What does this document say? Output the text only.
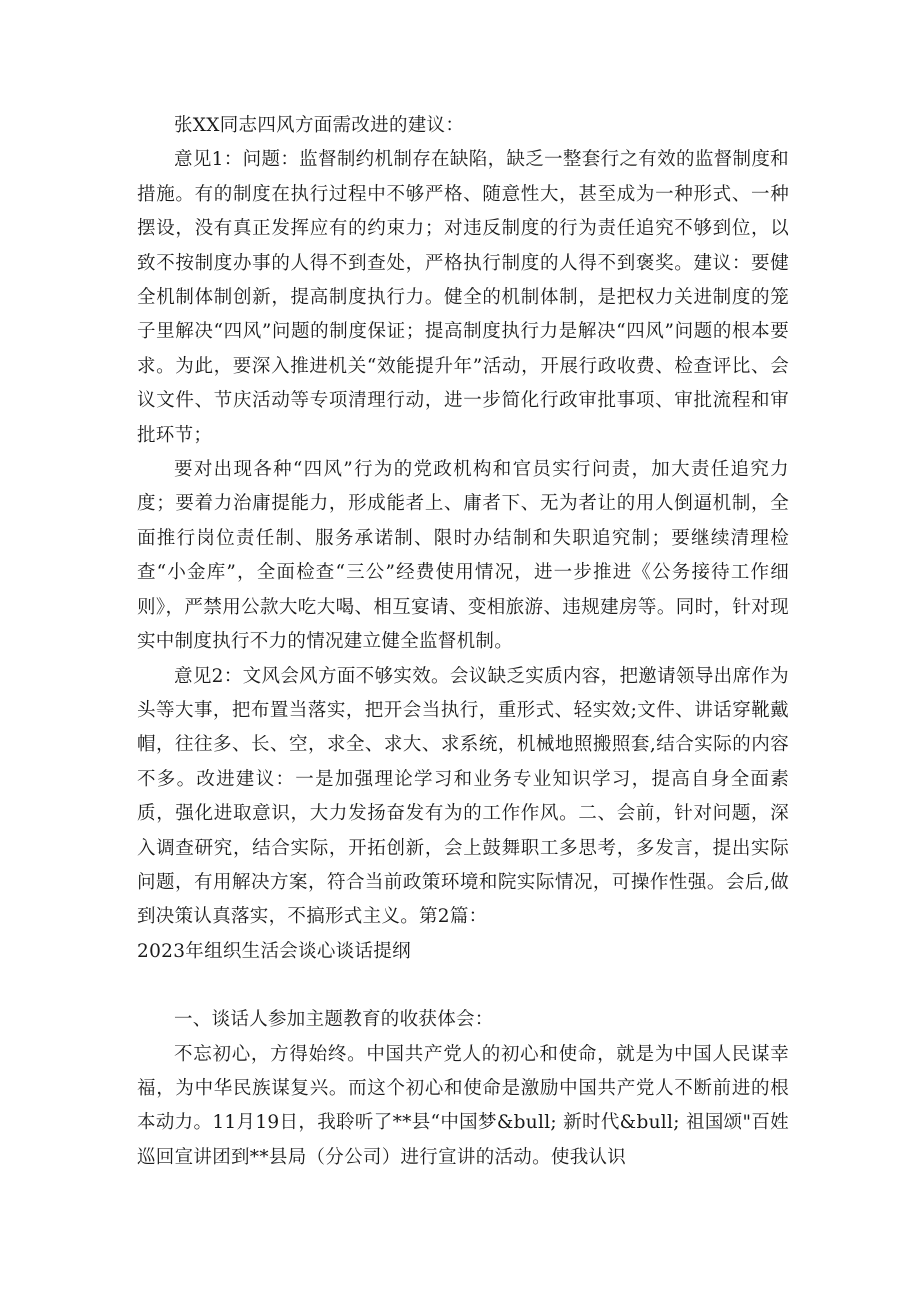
张XX同志四风方面需改进的建议：

意见1：问题：监督制约机制存在缺陷，缺乏一整套行之有效的监督制度和措施。有的制度在执行过程中不够严格、随意性大，甚至成为一种形式、一种摆设，没有真正发挥应有的约束力；对违反制度的行为责任追究不够到位，以致不按制度办事的人得不到查处，严格执行制度的人得不到褒奖。建议：要健全机制体制创新，提高制度执行力。健全的机制体制，是把权力关进制度的笼子里解决“四风”问题的制度保证；提高制度执行力是解决“四风”问题的根本要求。为此，要深入推进机关“效能提升年”活动，开展行政收费、检查评比、会议文件、节庆活动等专项清理行动，进一步简化行政审批事项、审批流程和审批环节；

要对出现各种“四风”行为的党政机构和官员实行问责，加大责任追究力度；要着力治庸提能力，形成能者上、庸者下、无为者让的用人倒逼机制，全面推行岗位责任制、服务承诺制、限时办结制和失职追究制；要继续清理检查“小金库”，全面检查“三公”经费使用情况，进一步推进《公务接待工作细则》，严禁用公款大吃大喝、相互宴请、变相旅游、违规建房等。同时，针对现实中制度执行不力的情况建立健全监督机制。

意见2：文风会风方面不够实效。会议缺乏实质内容，把邀请领导出席作为头等大事，把布置当落实，把开会当执行，重形式、轻实效;文件、讲话穿靴戴帽，往往多、长、空，求全、求大、求系统，机械地照搬照套,结合实际的内容不多。改进建议：一是加强理论学习和业务专业知识学习，提高自身全面素质，强化进取意识，大力发扬奋发有为的工作作风。二、会前，针对问题，深入调查研究，结合实际，开拓创新，会上鼓舞职工多思考，多发言，提出实际问题，有用解决方案，符合当前政策环境和院实际情况，可操作性强。会后,做到决策认真落实，不搞形式主义。第2篇：

2023年组织生活会谈心谈话提纲

一、谈话人参加主题教育的收获体会：

不忘初心，方得始终。中国共产党人的初心和使命，就是为中国人民谋幸福，为中华民族谋复兴。而这个初心和使命是激励中国共产党人不断前进的根本动力。11月19日，我聆听了**县“中国梦&bull; 新时代&bull; 祖国颂"百姓巡回宣讲团到**县局（分公司）进行宣讲的活动。使我认识
